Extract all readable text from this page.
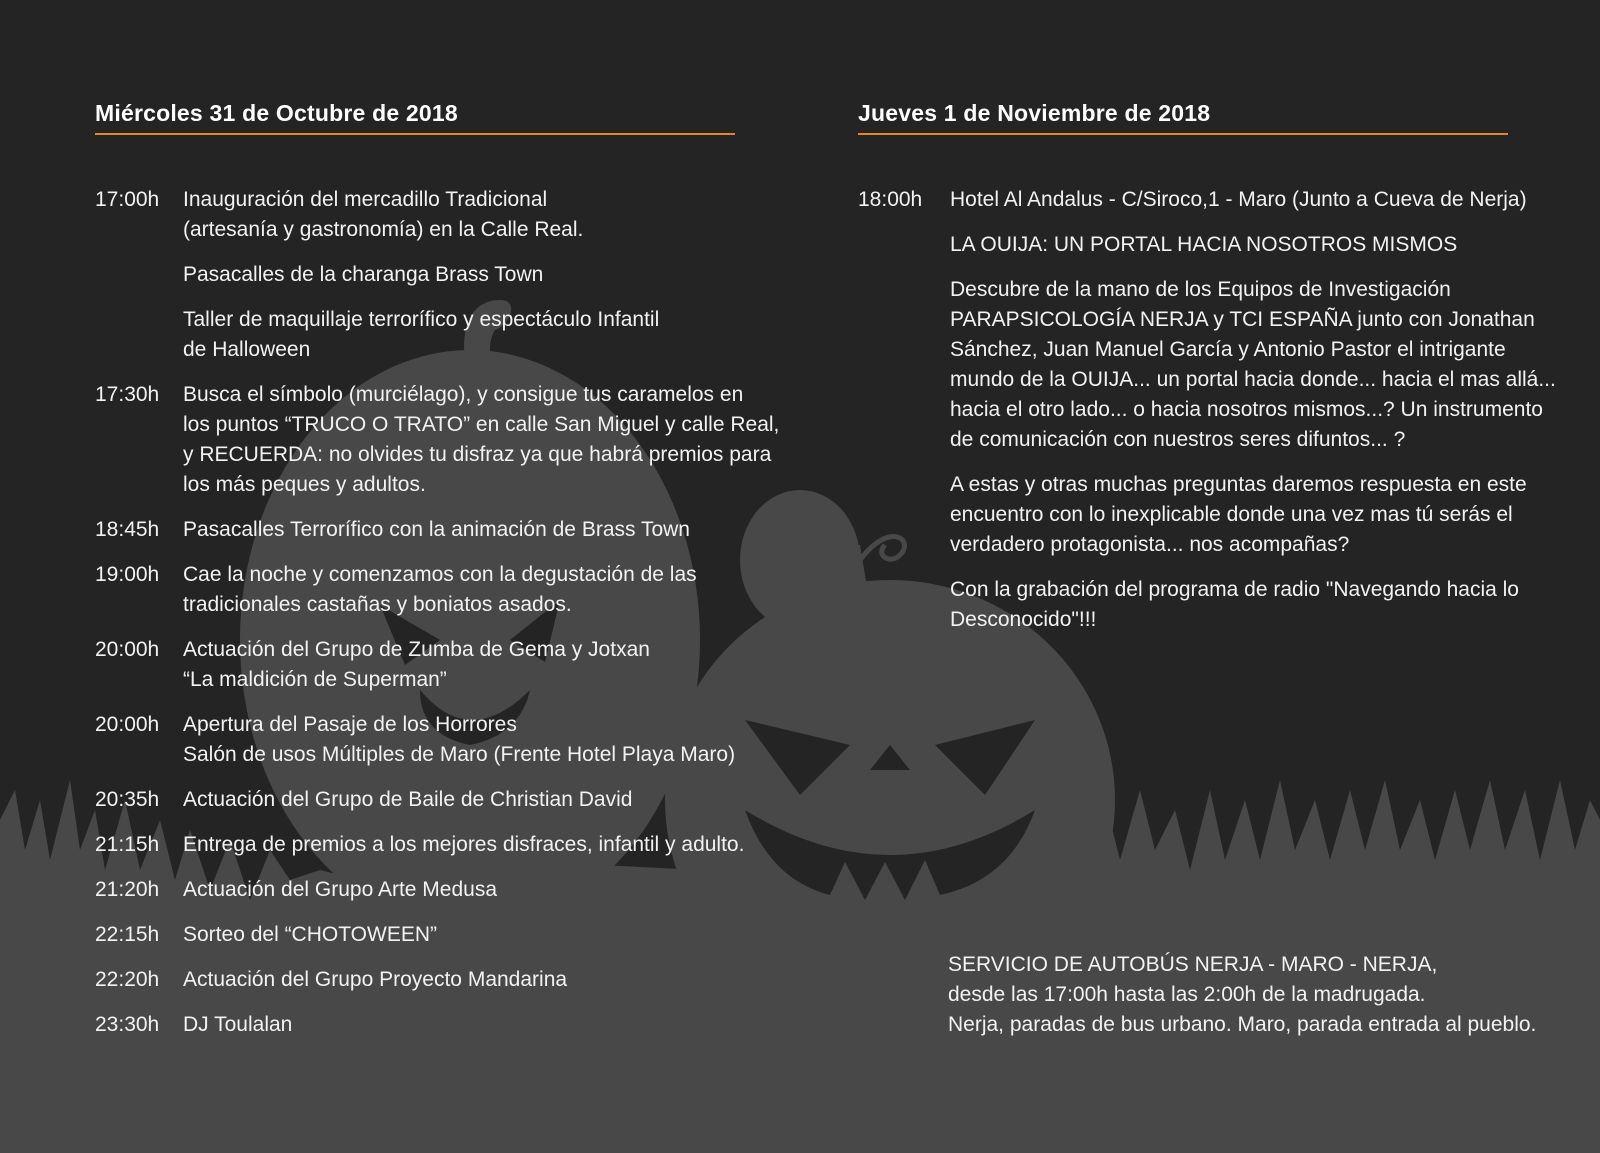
Miércoles 31 de Octubre de 2018
17:00h	Inauguración del mercadillo Tradicional
(artesanía y gastronomía) en la Calle Real.
Pasacalles de la charanga Brass Town
Taller de maquillaje terrorífico y espectáculo Infantil
de Halloween
17:30h	Busca el símbolo (murciélago), y consigue tus caramelos en
los puntos “TRUCO O TRATO” en calle San Miguel y calle Real,
y RECUERDA: no olvides tu disfraz ya que habrá premios para
los más peques y adultos.
18:45h	Pasacalles Terrorífico con la animación de Brass Town
19:00h	Cae la noche y comenzamos con la degustación de las
tradicionales castañas y boniatos asados.
20:00h	Actuación del Grupo de Zumba de Gema y Jotxan
“La maldición de Superman”
20:00h	Apertura del Pasaje de los Horrores
Salón de usos Múltiples de Maro (Frente Hotel Playa Maro)
20:35h	Actuación del Grupo de Baile de Christian David
21:15h	Entrega de premios a los mejores disfraces, infantil y adulto.
21:20h	Actuación del Grupo Arte Medusa
22:15h	Sorteo del “CHOTOWEEN”
22:20h	Actuación del Grupo Proyecto Mandarina
23:30h	DJ Toulalan
Jueves 1 de Noviembre de 2018
18:00h	Hotel Al Andalus - C/Siroco,1 - Maro (Junto a Cueva de Nerja)
LA OUIJA: UN PORTAL HACIA NOSOTROS MISMOS
Descubre de la mano de los Equipos de Investigación
PARAPSICOLOGÍA NERJA y TCI ESPAÑA junto con Jonathan
Sánchez, Juan Manuel García y Antonio Pastor el intrigante
mundo de la OUIJA... un portal hacia donde... hacia el mas allá...
hacia el otro lado... o hacia nosotros mismos...? Un instrumento
de comunicación con nuestros seres difuntos... ?
A estas y otras muchas preguntas daremos respuesta en este
encuentro con lo inexplicable donde una vez mas tú serás el
verdadero protagonista... nos acompañas?
Con la grabación del programa de radio "Navegando hacia lo
Desconocido"!!!
SERVICIO DE AUTOBÚS NERJA - MARO - NERJA,
desde las 17:00h hasta las 2:00h de la madrugada.
Nerja, paradas de bus urbano. Maro, parada entrada al pueblo.
